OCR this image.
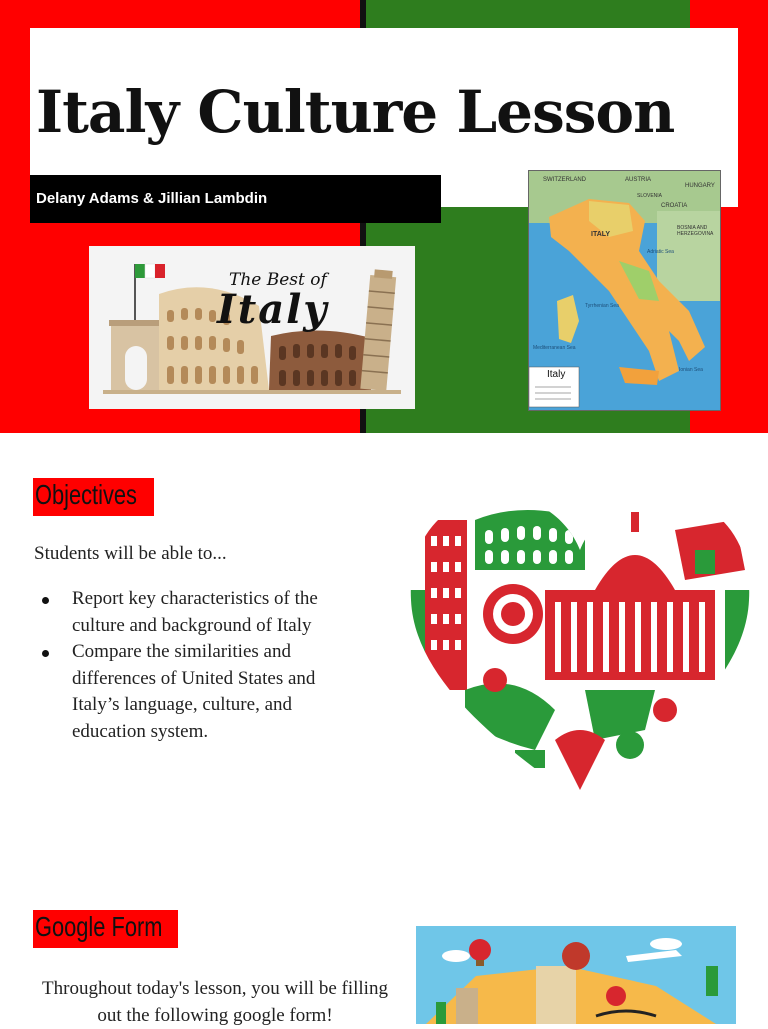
Italy Culture Lesson
Delany Adams & Jillian Lambdin
The Best of
Italy
SWITZERLAND	AUSTRIA
HUNGARY
SLOVENIA
CROATIA
BOSNIA AND HERZEGOVINA
ITALY
Adriatic Sea
Tyrrhenian Sea
Mediterranean Sea
Ionian Sea
Italy
Objectives
Students will be able to...
Report key characteristics of the culture and background of Italy
Compare the similarities and differences of United States and Italy’s language, culture, and education system.
Google Form
Throughout today's lesson, you will be filling out the following google form!
